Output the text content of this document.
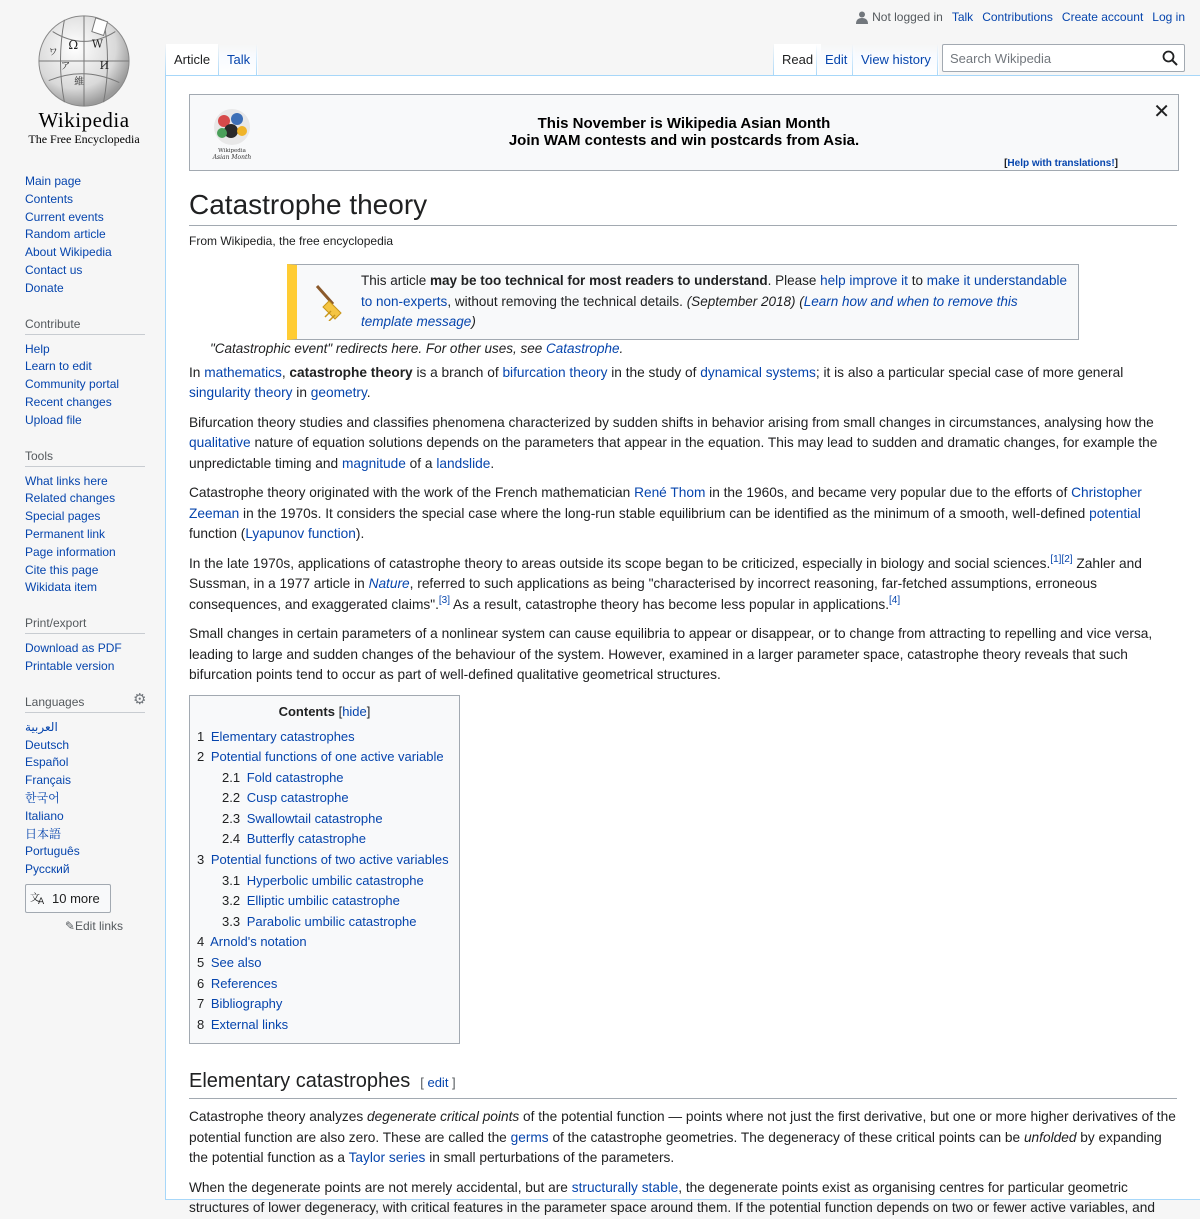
Ω W
И
ア
維
ワ
Wikipedia
The Free Encyclopedia
Not logged in Talk Contributions Create account Log in
Article	Talk	Read Edit	View history	Search Wikipedia
Main page
Contents
Current events
Random article
About Wikipedia
Contact us
Donate
Contribute
Help
Learn to edit
Community portal
Recent changes
Upload file
Tools
What links here
Related changes
Special pages
Permanent link
Page information
Cite this page
Wikidata item
Print/export
Download as PDF
Printable version
Languages	⚙
العربية
Deutsch
Español
Français
한국어
Italiano
日本語
Português
Русский
文
A 10 more
✎Edit links
Wikipedia
Asian Month
This November is Wikipedia Asian Month
Join WAM contests and win postcards from Asia.
✕
[Help with translations!]
Catastrophe theory
From Wikipedia, the free encyclopedia
This article may be too technical for most readers to understand. Please help improve it to make it understandable to non-experts, without removing the technical details. (September 2018) (Learn how and when to remove this template message)
"Catastrophic event" redirects here. For other uses, see Catastrophe.

In mathematics, catastrophe theory is a branch of bifurcation theory in the study of dynamical systems; it is also a particular special case of more general singularity theory in geometry.

Bifurcation theory studies and classifies phenomena characterized by sudden shifts in behavior arising from small changes in circumstances, analysing how the qualitative nature of equation solutions depends on the parameters that appear in the equation. This may lead to sudden and dramatic changes, for example the unpredictable timing and magnitude of a landslide.

Catastrophe theory originated with the work of the French mathematician René Thom in the 1960s, and became very popular due to the efforts of Christopher Zeeman in the 1970s. It considers the special case where the long-run stable equilibrium can be identified as the minimum of a smooth, well-defined potential function (Lyapunov function).

In the late 1970s, applications of catastrophe theory to areas outside its scope began to be criticized, especially in biology and social sciences.[1][2] Zahler and Sussman, in a 1977 article in Nature, referred to such applications as being "characterised by incorrect reasoning, far-fetched assumptions, erroneous consequences, and exaggerated claims".[3] As a result, catastrophe theory has become less popular in applications.[4]

Small changes in certain parameters of a nonlinear system can cause equilibria to appear or disappear, or to change from attracting to repelling and vice versa, leading to large and sudden changes of the behaviour of the system. However, examined in a larger parameter space, catastrophe theory reveals that such bifurcation points tend to occur as part of well-defined qualitative geometrical structures.

Contents [hide]
1 Elementary catastrophes
2 Potential functions of one active variable
2.1 Fold catastrophe
2.2 Cusp catastrophe
2.3 Swallowtail catastrophe
2.4 Butterfly catastrophe
3 Potential functions of two active variables
3.1 Hyperbolic umbilic catastrophe
3.2 Elliptic umbilic catastrophe
3.3 Parabolic umbilic catastrophe
4 Arnold's notation
5 See also
6 References
7 Bibliography
8 External links
Elementary catastrophes [ edit ]

Catastrophe theory analyzes degenerate critical points of the potential function — points where not just the first derivative, but one or more higher derivatives of the potential function are also zero. These are called the germs of the catastrophe geometries. The degeneracy of these critical points can be unfolded by expanding the potential function as a Taylor series in small perturbations of the parameters.

When the degenerate points are not merely accidental, but are structurally stable, the degenerate points exist as organising centres for particular geometric structures of lower degeneracy, with critical features in the parameter space around them. If the potential function depends on two or fewer active variables, and
